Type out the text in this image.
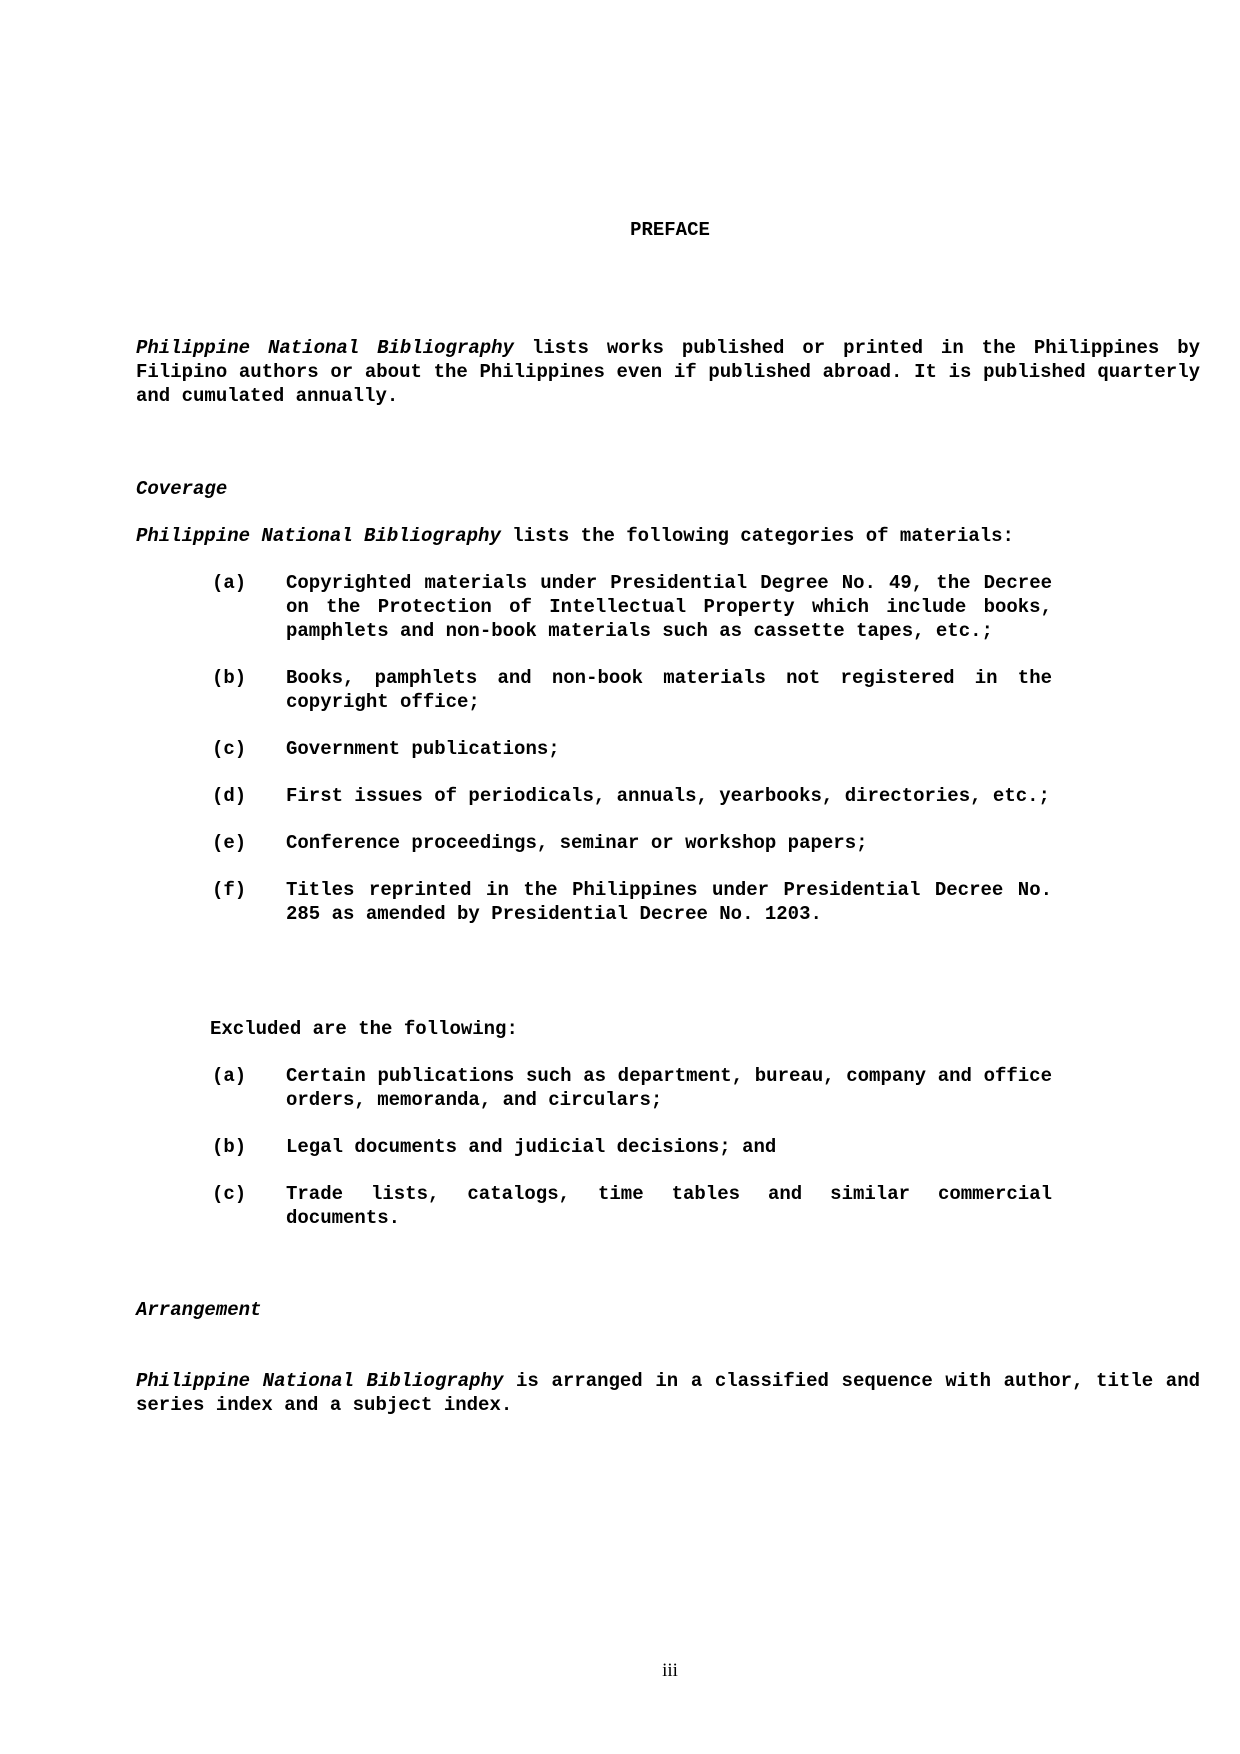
PREFACE
Philippine National Bibliography lists works published or printed in the Philippines by Filipino authors or about the Philippines even if published abroad. It is published quarterly and cumulated annually.
Coverage
Philippine National Bibliography lists the following categories of materials:
(a)	Copyrighted materials under Presidential Degree No. 49, the Decree on the Protection of Intellectual Property which include books, pamphlets and non-book materials such as cassette tapes, etc.;
(b)	Books, pamphlets and non-book materials not registered in the copyright office;
(c)	Government publications;
(d)	First issues of periodicals, annuals, yearbooks, directories, etc.;
(e)	Conference proceedings, seminar or workshop papers;
(f)	Titles reprinted in the Philippines under Presidential Decree No. 285 as amended by Presidential Decree No. 1203.
Excluded are the following:
(a)	Certain publications such as department, bureau, company and office orders, memoranda, and circulars;
(b)	Legal documents and judicial decisions; and
(c)	Trade lists, catalogs, time tables and similar commercial documents.
Arrangement
Philippine National Bibliography is arranged in a classified sequence with author, title and series index and a subject index.
iii
